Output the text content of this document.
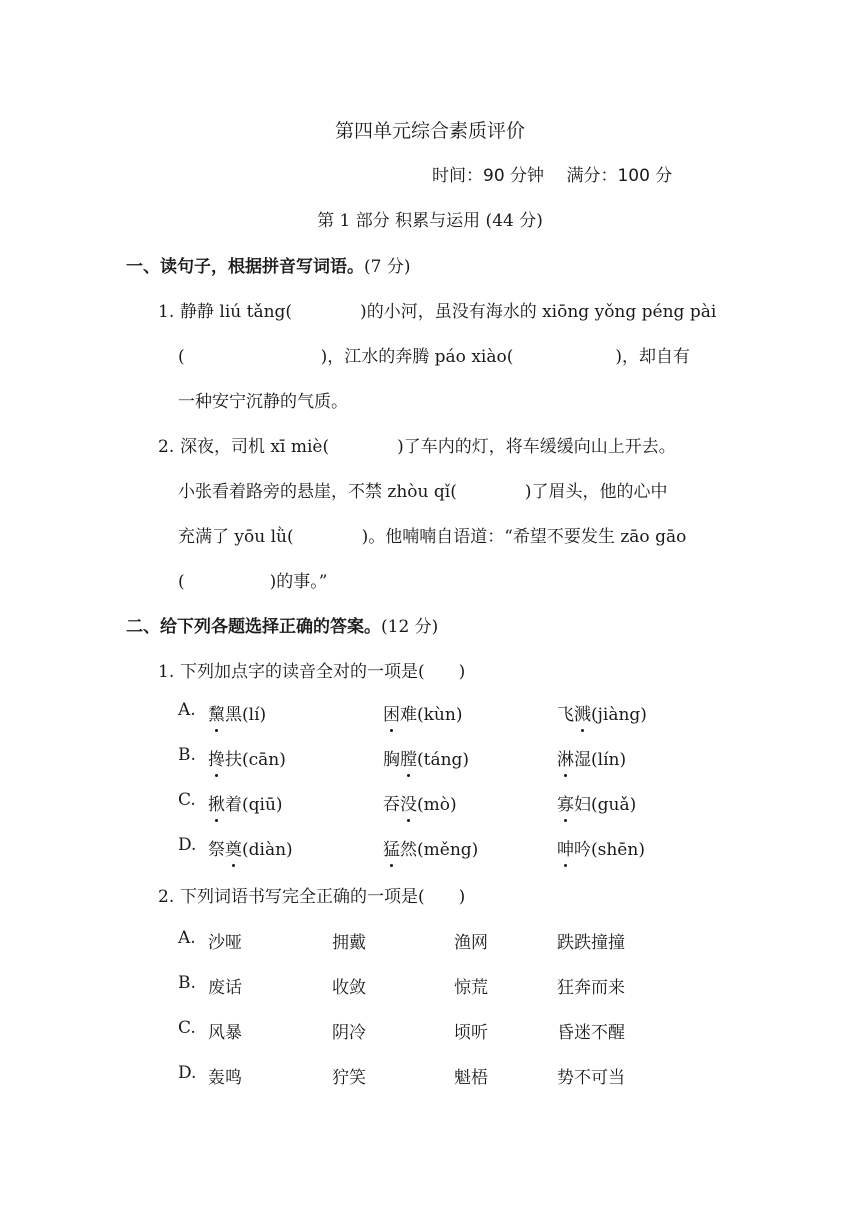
第四单元综合素质评价
时间：90 分钟　 满分：100 分
第 1 部分 积累与运用 (44 分)
一、读句子，根据拼音写词语。(7 分)
1. 静静 liú tǎng(　　　　)的小河，虽没有海水的 xiōng yǒng péng pài
(　　　　　　　　)，江水的奔腾 páo xiào(　　　　　　)，却自有
一种安宁沉静的气质。
2. 深夜，司机 xī miè(　　　　)了车内的灯，将车缓缓向山上开去。
小张看着路旁的悬崖，不禁 zhòu qǐ(　　　　)了眉头，他的心中
充满了 yōu lǜ(　　　　)。他喃喃自语道：“希望不要发生 zāo gāo
(　　　　　)的事。”
二、给下列各题选择正确的答案。(12 分)
1. 下列加点字的读音全对的一项是(　　)
A. 黧黑(lí)	困难(kùn)	飞溅(jiàng)
B. 搀扶(cān)	胸膛(táng)	淋湿(lín)
C. 揪着(qiū)	吞没(mò)	寡妇(guǎ)
D. 祭奠(diàn)	猛然(měng)	呻吟(shēn)
2. 下列词语书写完全正确的一项是(　　)
A. 沙哑	拥戴	渔网	跌跌撞撞
B. 废话	收敛	惊荒	狂奔而来
C. 风暴	阴冷	顷听	昏迷不醒
D. 轰鸣	狞笑	魁梧	势不可当
